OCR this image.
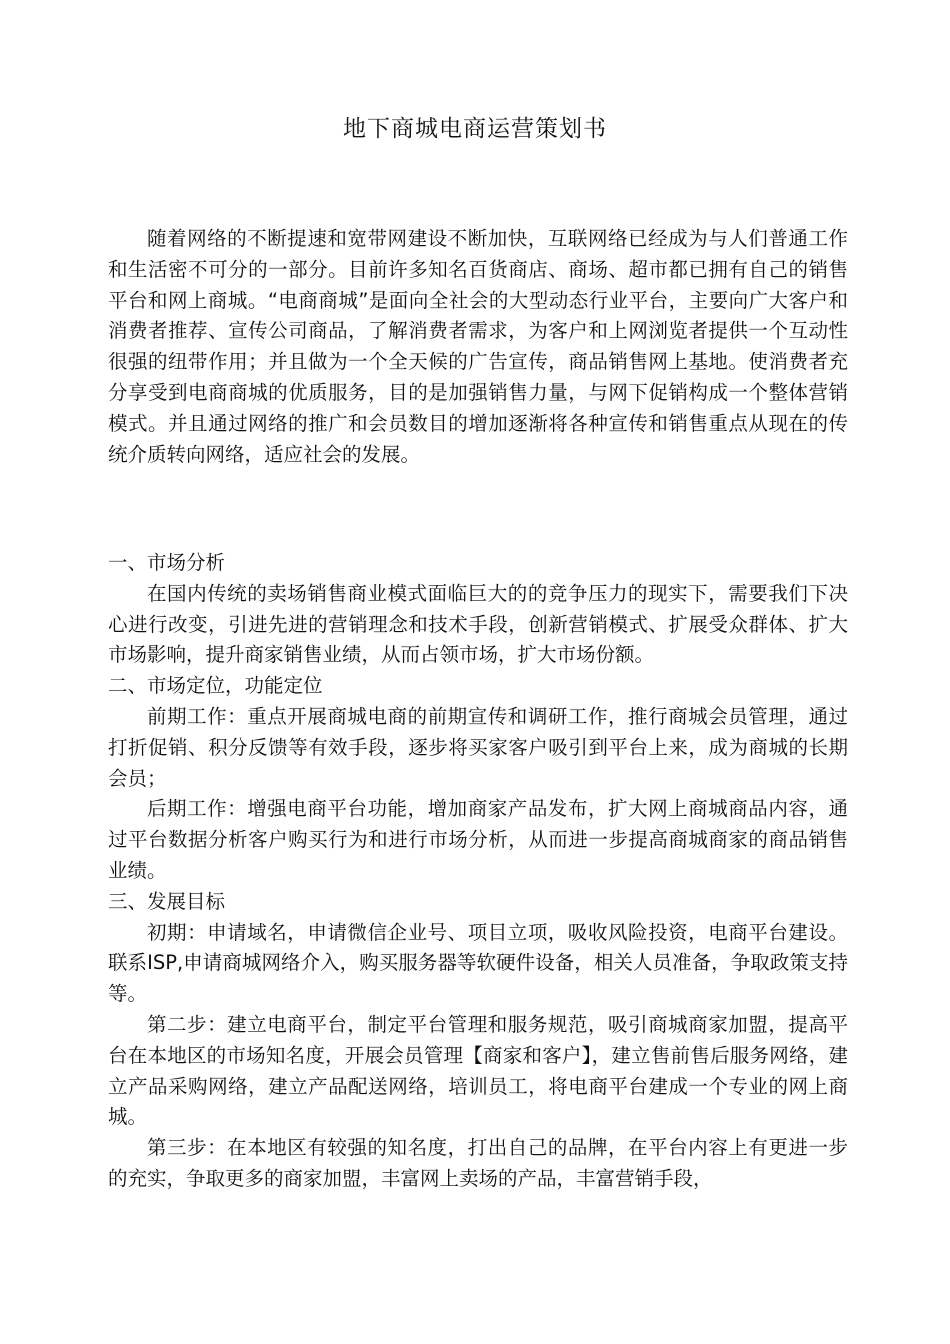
地下商城电商运营策划书

随着网络的不断提速和宽带网建设不断加快，互联网络已经成为与人们普通工作和生活密不可分的一部分。目前许多知名百货商店、商场、超市都已拥有自己的销售平台和网上商城。“电商商城”是面向全社会的大型动态行业平台，主要向广大客户和消费者推荐、宣传公司商品，了解消费者需求，为客户和上网浏览者提供一个互动性很强的纽带作用；并且做为一个全天候的广告宣传，商品销售网上基地。使消费者充分享受到电商商城的优质服务，目的是加强销售力量，与网下促销构成一个整体营销模式。并且通过网络的推广和会员数目的增加逐渐将各种宣传和销售重点从现在的传统介质转向网络，适应社会的发展。

一、市场分析

在国内传统的卖场销售商业模式面临巨大的的竞争压力的现实下，需要我们下决心进行改变，引进先进的营销理念和技术手段，创新营销模式、扩展受众群体、扩大市场影响，提升商家销售业绩，从而占领市场，扩大市场份额。

二、市场定位，功能定位

前期工作：重点开展商城电商的前期宣传和调研工作，推行商城会员管理，通过打折促销、积分反馈等有效手段，逐步将买家客户吸引到平台上来，成为商城的长期会员；

后期工作：增强电商平台功能，增加商家产品发布，扩大网上商城商品内容，通过平台数据分析客户购买行为和进行市场分析，从而进一步提高商城商家的商品销售业绩。

三、发展目标

初期：申请域名，申请微信企业号、项目立项，吸收风险投资，电商平台建设。联系ISP,申请商城网络介入，购买服务器等软硬件设备，相关人员准备，争取政策支持等。

第二步：建立电商平台，制定平台管理和服务规范，吸引商城商家加盟，提高平台在本地区的市场知名度，开展会员管理【商家和客户】，建立售前售后服务网络，建立产品采购网络，建立产品配送网络，培训员工，将电商平台建成一个专业的网上商城。

第三步：在本地区有较强的知名度，打出自己的品牌，在平台内容上有更进一步的充实，争取更多的商家加盟，丰富网上卖场的产品，丰富营销手段，
